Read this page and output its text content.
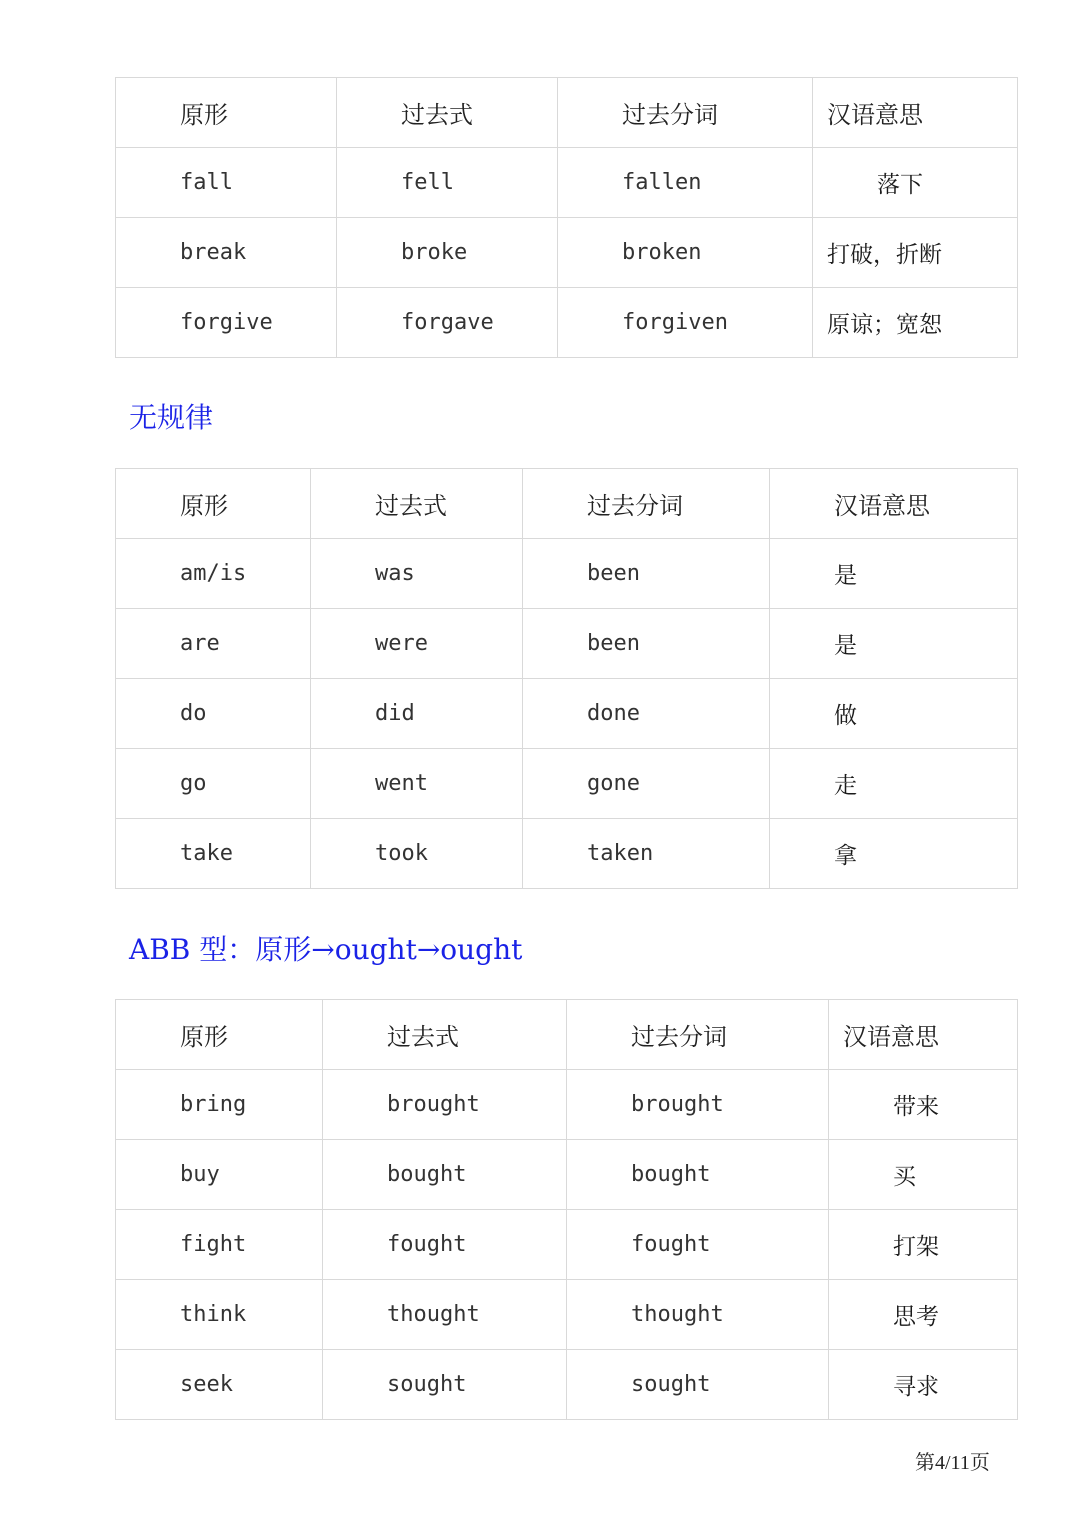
原形	过去式	过去分词	汉语意思
fall	fell	fallen	落下
break	broke	broken	打破，折断
forgive	forgave	forgiven	原谅；宽恕
无规律
原形	过去式	过去分词	汉语意思
am/is	was	been	是
are	were	been	是
do	did	done	做
go	went	gone	走
take	took	taken	拿
ABB 型：原形→ought→ought
原形	过去式	过去分词	汉语意思
bring	brought	brought	带来
buy	bought	bought	买
fight	fought	fought	打架
think	thought	thought	思考
seek	sought	sought	寻求
第4/11页
